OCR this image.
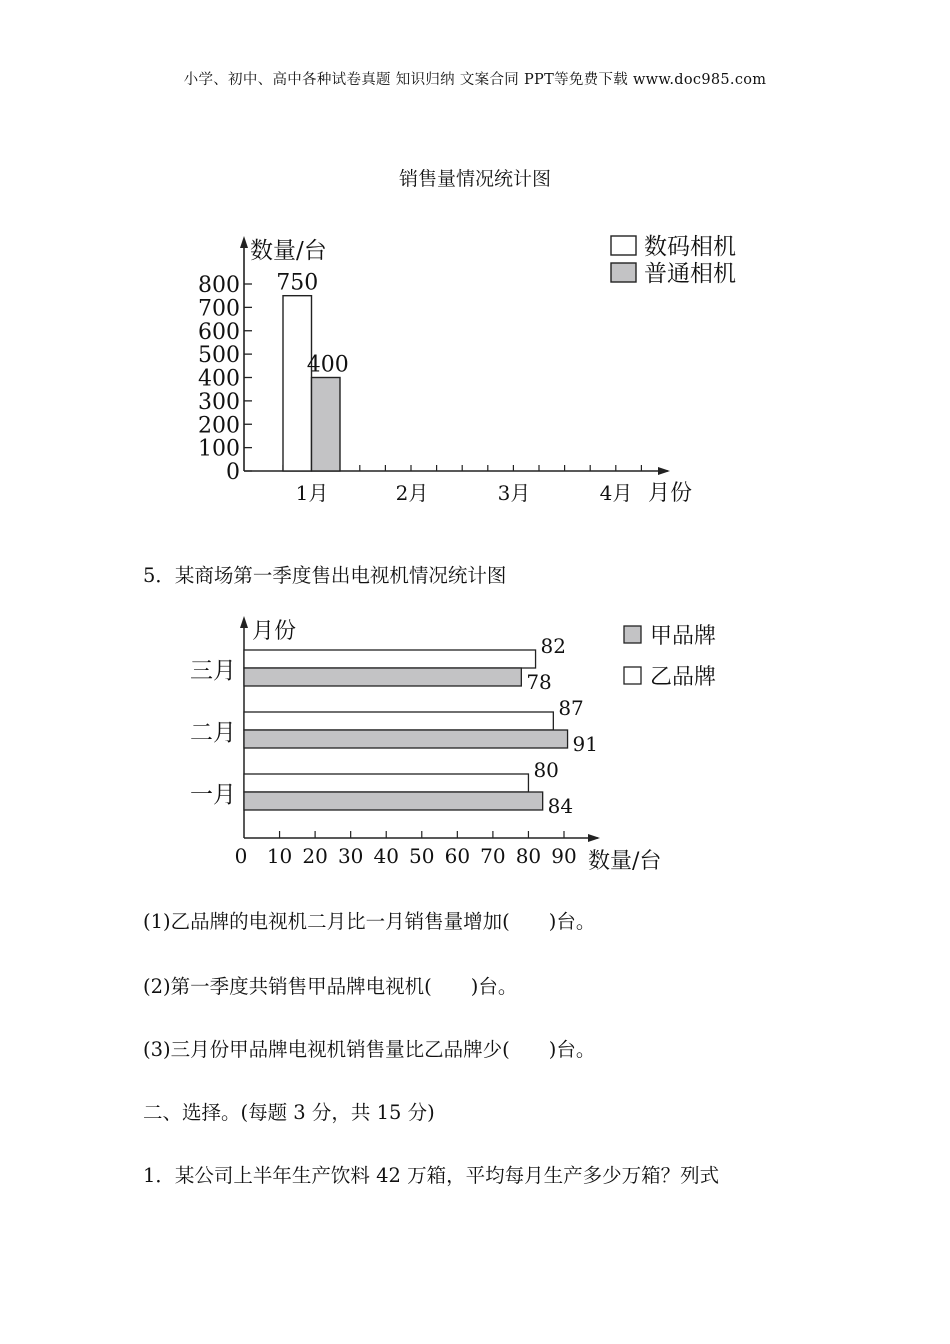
小学、初中、高中各种试卷真题 知识归纳 文案合同 PPT等免费下载 www.doc985.com
销售量情况统计图
0
100
200
300
400
500
600
700
800
1月	2月	3月	4月
数量/台
月份
750
400
数码相机
普通相机
5．某商场第一季度售出电视机情况统计图
0 10 20 30 40 50 60 70 80 90
月份
数量/台
三月
82
78
二月
87
91
一月
80
84
甲品牌
乙品牌
(1)乙品牌的电视机二月比一月销售量增加(　　)台。
(2)第一季度共销售甲品牌电视机(　　)台。
(3)三月份甲品牌电视机销售量比乙品牌少(　　)台。
二、选择。(每题 3 分，共 15 分)
1．某公司上半年生产饮料 42 万箱，平均每月生产多少万箱？列式
